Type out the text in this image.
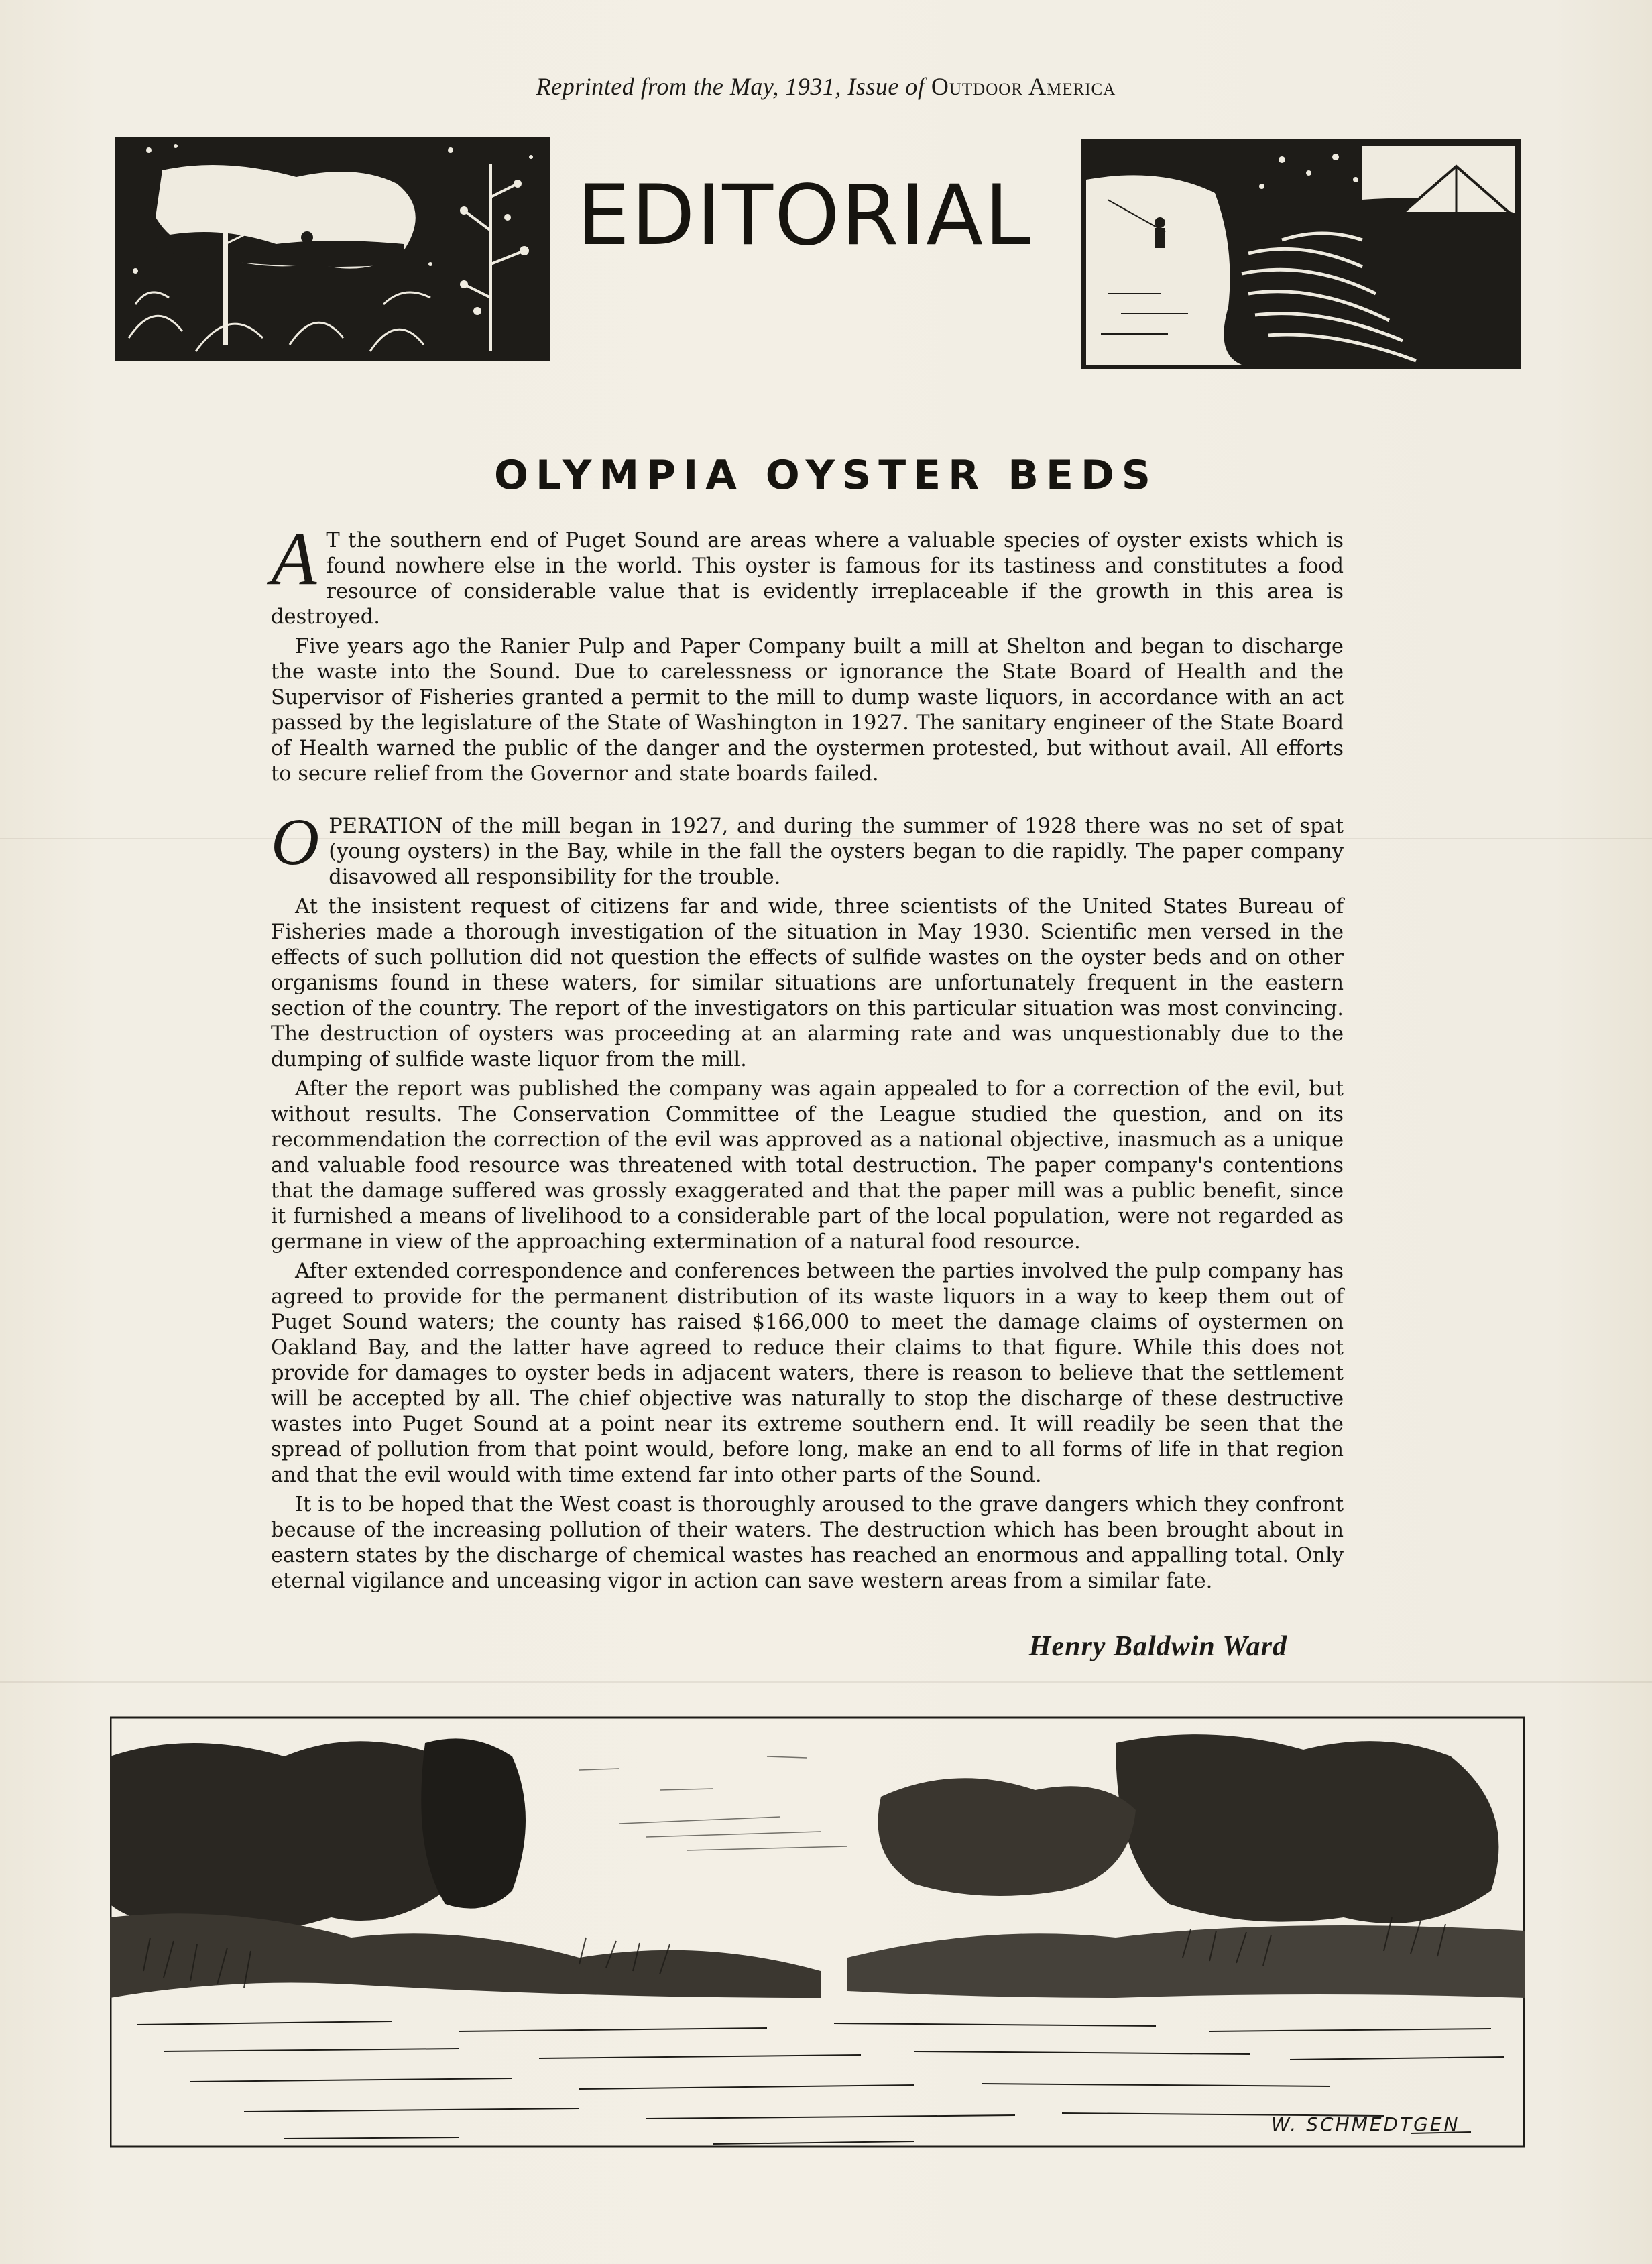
Reprinted from the May, 1931, Issue of Outdoor America
EDITORIAL
OLYMPIA OYSTER BEDS

A T the southern end of Puget Sound are areas where a valuable species of oyster exists which is found nowhere else in the world. This oyster is famous for its tastiness and constitutes a food resource of considerable value that is evidently irreplaceable if the growth in this area is destroyed.

Five years ago the Ranier Pulp and Paper Company built a mill at Shelton and began to discharge the waste into the Sound. Due to carelessness or ignorance the State Board of Health and the Supervisor of Fisheries granted a permit to the mill to dump waste liquors, in accordance with an act passed by the legislature of the State of Washington in 1927. The sanitary engineer of the State Board of Health warned the public of the danger and the oystermen protested, but without avail. All efforts to secure relief from the Governor and state boards failed.

OPERATION of the mill began in 1927, and during the summer of 1928 there was no set of spat (young oysters) in the Bay, while in the fall the oysters began to die rapidly. The paper company disavowed all responsibility for the trouble.

At the insistent request of citizens far and wide, three scientists of the United States Bureau of Fisheries made a thorough investigation of the situation in May 1930. Scientific men versed in the effects of such pollution did not question the effects of sulfide wastes on the oyster beds and on other organisms found in these waters, for similar situations are unfortunately frequent in the eastern section of the country. The report of the investigators on this particular situation was most convincing. The destruction of oysters was proceeding at an alarming rate and was unquestionably due to the dumping of sulfide waste liquor from the mill.

After the report was published the company was again appealed to for a correction of the evil, but without results. The Conservation Committee of the League studied the question, and on its recommendation the correction of the evil was approved as a national objective, inasmuch as a unique and valuable food resource was threatened with total destruction. The paper company's contentions that the damage suffered was grossly exaggerated and that the paper mill was a public benefit, since it furnished a means of livelihood to a considerable part of the local population, were not regarded as germane in view of the approaching extermination of a natural food resource.

After extended correspondence and conferences between the parties involved the pulp company has agreed to provide for the permanent distribution of its waste liquors in a way to keep them out of Puget Sound waters; the county has raised $166,000 to meet the damage claims of oystermen on Oakland Bay, and the latter have agreed to reduce their claims to that figure. While this does not provide for damages to oyster beds in adjacent waters, there is reason to believe that the settlement will be accepted by all. The chief objective was naturally to stop the discharge of these destructive wastes into Puget Sound at a point near its extreme southern end. It will readily be seen that the spread of pollution from that point would, before long, make an end to all forms of life in that region and that the evil would with time extend far into other parts of the Sound.

It is to be hoped that the West coast is thoroughly aroused to the grave dangers which they confront because of the increasing pollution of their waters. The destruction which has been brought about in eastern states by the discharge of chemical wastes has reached an enormous and appalling total. Only eternal vigilance and unceasing vigor in action can save western areas from a similar fate.

Henry Baldwin Ward
W. SCHMEDTGEN
